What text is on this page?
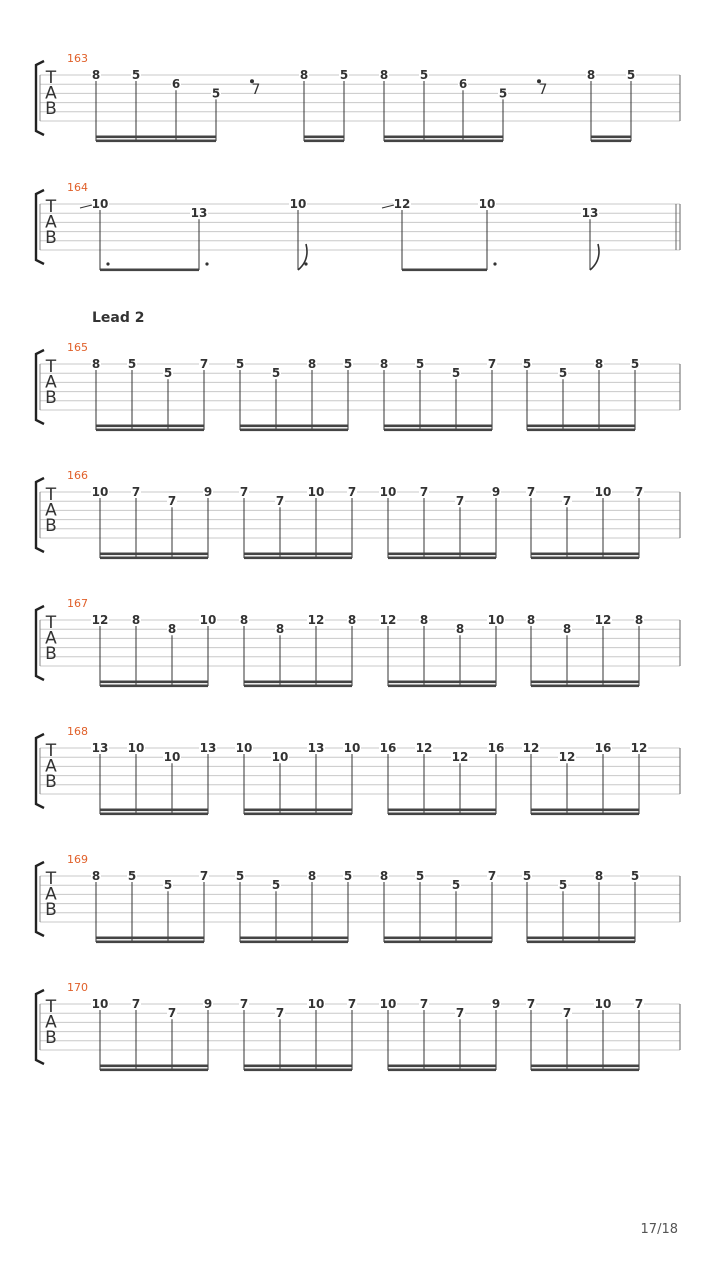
T
A
B
163
8	5
6
5 7
8	5	8	5
6
5 7
8	5
T
A
B
164
10
13
10	12	10
13
T
A
B
165
8 5
5
7 5
5
8 5 8 5
5
7 5
5
8 5
T
A
B
166
10 7
7
9 7
7
10 7 10 7
7
9 7
7
10 7
T
A
B
167
12 8
8
10 8
8
12 8 12 8
8
10 8
8
12 8
T
A
B
168
13 10
10
13 10
10
13 10 16 12
12
16 12
12
16 12
T
A
B
169
8 5
5
7 5
5
8 5 8 5
5
7 5
5
8 5
T
A
B
170
10 7
7
9 7
7
10 7 10 7
7
9 7
7
10 7
Lead 2
17/18
